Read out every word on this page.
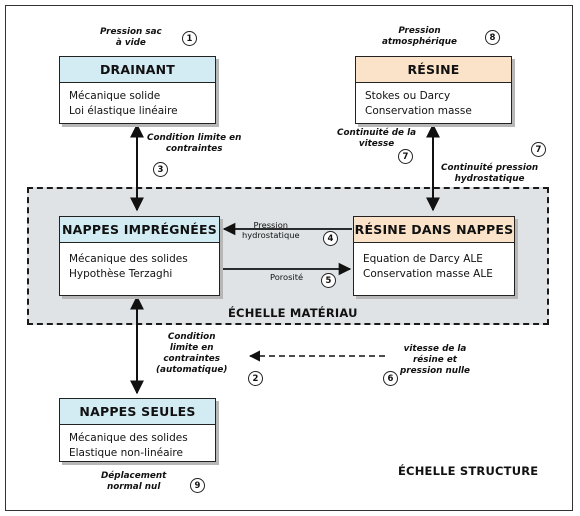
DRAINANT
Mécanique solide
Loi élastique linéaire
RÉSINE
Stokes ou Darcy
Conservation masse
NAPPES IMPRÉGNÉES
Mécanique des solides
Hypothèse Terzaghi
RÉSINE DANS NAPPES
Equation de Darcy ALE
Conservation masse ALE
NAPPES SEULES
Mécanique des solides
Elastique non-linéaire
Pression sac
à vide	1
Pression
atmosphérique	8
Condition limite en
contraintes
3
Continuité de la
vitesse
7
7
Continuité pression
hydrostatique
Pression
hydrostatique	4
Porosité	5
ÉCHELLE MATÉRIAU
Condition
limite en
contraintes
(automatique)
2
vitesse de la
résine et
pression nulle
6
Déplacement
normal nul	9
ÉCHELLE STRUCTURE
